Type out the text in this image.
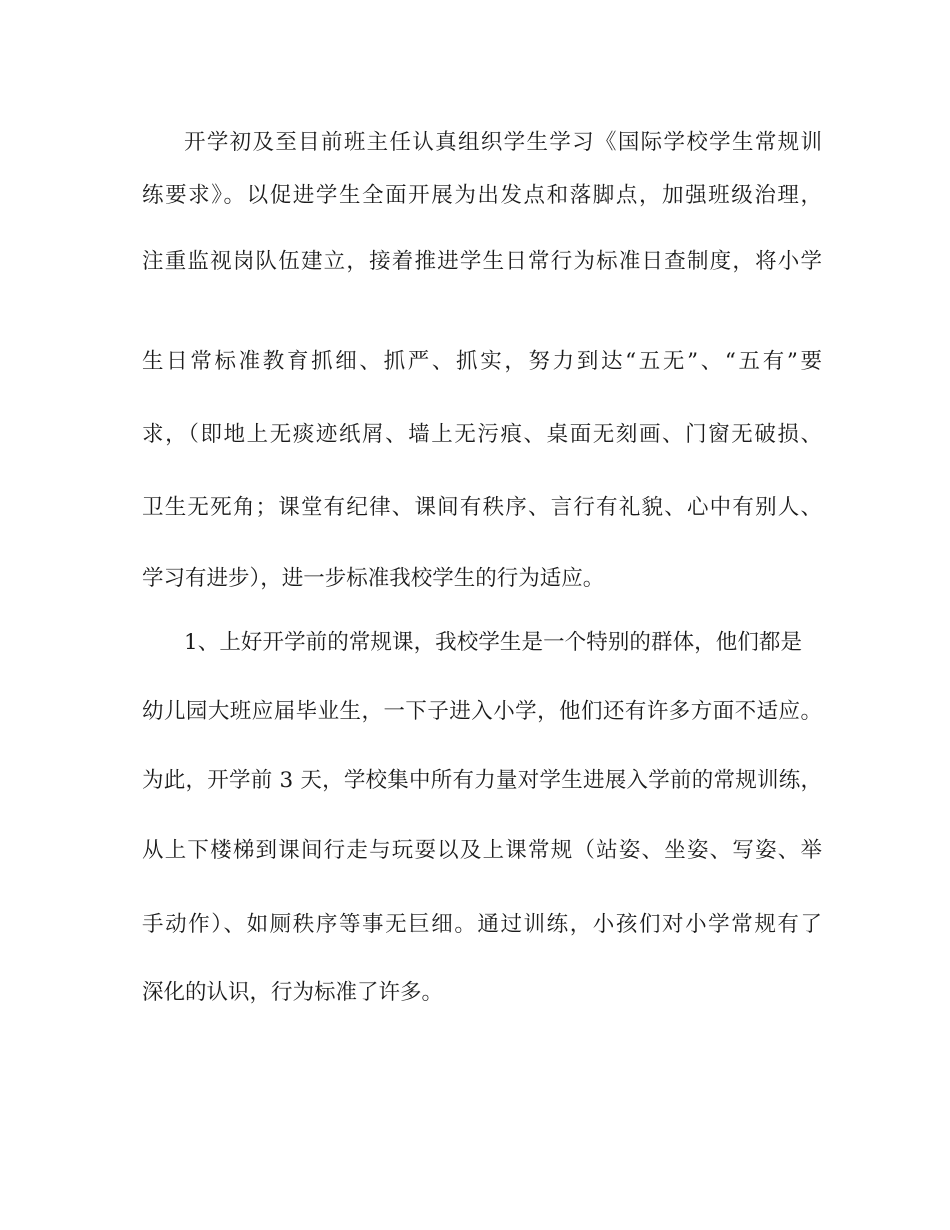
开学初及至目前班主任认真组织学生学习《国际学校学生常规训
练要求》。以促进学生全面开展为出发点和落脚点，加强班级治理，
注重监视岗队伍建立，接着推进学生日常行为标准日查制度，将小学
生日常标准教育抓细、抓严、抓实，努力到达“五无”、“五有”要
求，（即地上无痰迹纸屑、墙上无污痕、桌面无刻画、门窗无破损、
卫生无死角；课堂有纪律、课间有秩序、言行有礼貌、心中有别人、
学习有进步），进一步标准我校学生的行为适应。
1、上好开学前的常规课，我校学生是一个特别的群体，他们都是
幼儿园大班应届毕业生，一下子进入小学，他们还有许多方面不适应。
为此，开学前 3 天，学校集中所有力量对学生进展入学前的常规训练，
从上下楼梯到课间行走与玩耍以及上课常规（站姿、坐姿、写姿、举
手动作）、如厕秩序等事无巨细。通过训练，小孩们对小学常规有了
深化的认识，行为标准了许多。
